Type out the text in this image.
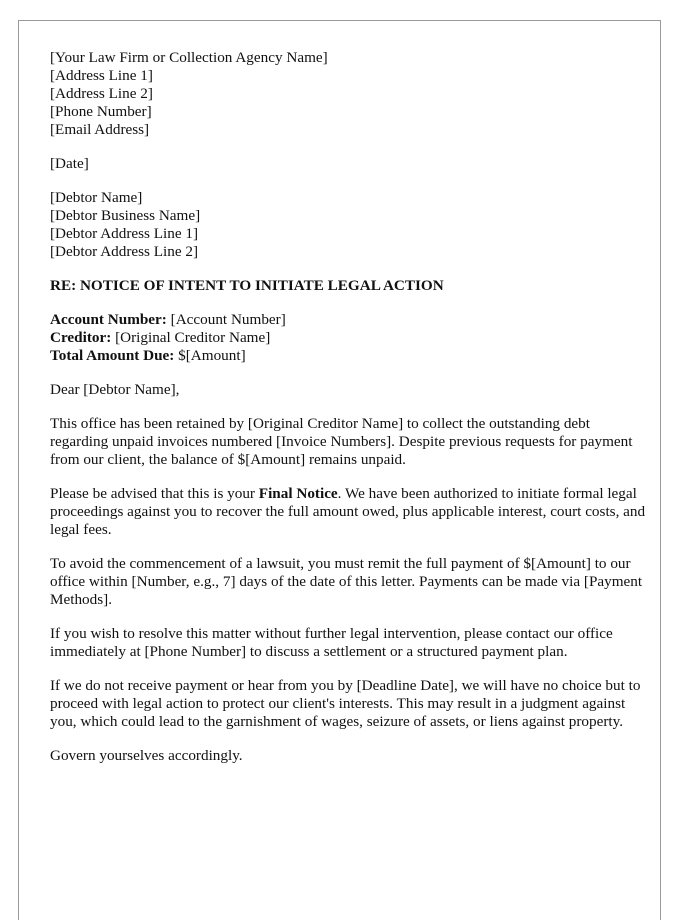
[Your Law Firm or Collection Agency Name]
[Address Line 1]
[Address Line 2]
[Phone Number]
[Email Address]
[Date]
[Debtor Name]
[Debtor Business Name]
[Debtor Address Line 1]
[Debtor Address Line 2]
RE: NOTICE OF INTENT TO INITIATE LEGAL ACTION
Account Number: [Account Number]
Creditor: [Original Creditor Name]
Total Amount Due: $[Amount]
Dear [Debtor Name],
This office has been retained by [Original Creditor Name] to collect the outstanding debt regarding unpaid invoices numbered [Invoice Numbers]. Despite previous requests for payment from our client, the balance of $[Amount] remains unpaid.
Please be advised that this is your Final Notice. We have been authorized to initiate formal legal proceedings against you to recover the full amount owed, plus applicable interest, court costs, and legal fees.
To avoid the commencement of a lawsuit, you must remit the full payment of $[Amount] to our office within [Number, e.g., 7] days of the date of this letter. Payments can be made via [Payment Methods].
If you wish to resolve this matter without further legal intervention, please contact our office immediately at [Phone Number] to discuss a settlement or a structured payment plan.
If we do not receive payment or hear from you by [Deadline Date], we will have no choice but to proceed with legal action to protect our client's interests. This may result in a judgment against you, which could lead to the garnishment of wages, seizure of assets, or liens against property.
Govern yourselves accordingly.
